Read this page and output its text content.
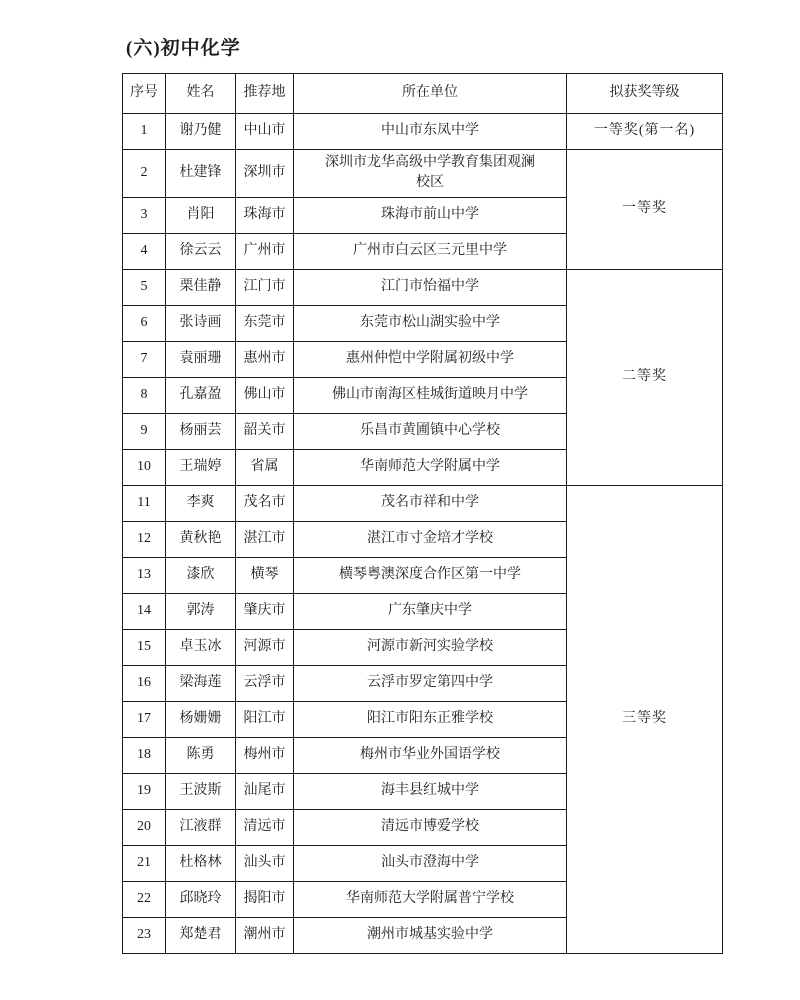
(六)初中化学
序号	姓名	推荐地	所在单位	拟获奖等级
1	谢乃健	中山市	中山市东凤中学	一等奖(第一名)
2	杜建锋	深圳市	深圳市龙华高级中学教育集团观澜校区	一等奖
3	肖阳	珠海市	珠海市前山中学	
4	徐云云	广州市	广州市白云区三元里中学	
5	栗佳静	江门市	江门市怡福中学	二等奖
6	张诗画	东莞市	东莞市松山湖实验中学	
7	袁丽珊	惠州市	惠州仲恺中学附属初级中学	
8	孔嘉盈	佛山市	佛山市南海区桂城街道映月中学	
9	杨丽芸	韶关市	乐昌市黄圃镇中心学校	
10	王瑞婷	省属	华南师范大学附属中学	
11	李爽	茂名市	茂名市祥和中学	三等奖
12	黄秋艳	湛江市	湛江市寸金培才学校	
13	漆欣	横琴	横琴粤澳深度合作区第一中学	
14	郭涛	肇庆市	广东肇庆中学	
15	卓玉冰	河源市	河源市新河实验学校	
16	梁海莲	云浮市	云浮市罗定第四中学	
17	杨姗姗	阳江市	阳江市阳东正雅学校	
18	陈勇	梅州市	梅州市华业外国语学校	
19	王波斯	汕尾市	海丰县红城中学	
20	江液群	清远市	清远市博爱学校	
21	杜格林	汕头市	汕头市澄海中学	
22	邱晓玲	揭阳市	华南师范大学附属普宁学校	
23	郑楚君	潮州市	潮州市城基实验中学	
